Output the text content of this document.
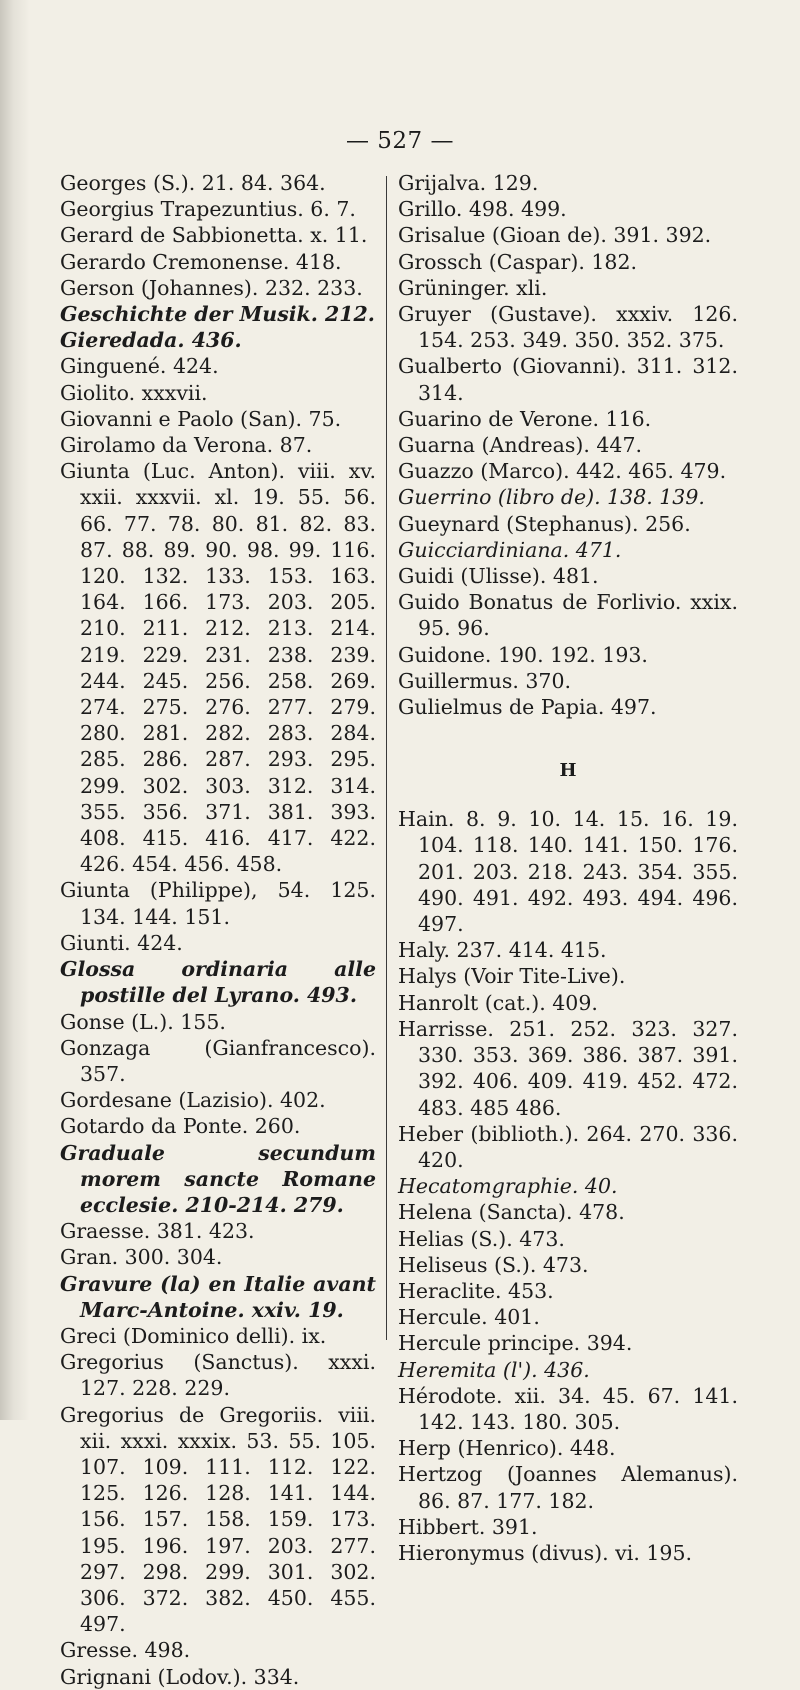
— 527 —

Georges (S.). 21. 84. 364.

Georgius Trapezuntius. 6. 7.

Gerard de Sabbionetta. x. 11.

Gerardo Cremonense. 418.

Gerson (Johannes). 232. 233.

Geschichte der Musik. 212.

Gieredada. 436.

Ginguené. 424.

Giolito. xxxvii.

Giovanni e Paolo (San). 75.

Girolamo da Verona. 87.

Giunta (Luc. Anton). viii. xv. xxii. xxxvii. xl. 19. 55. 56. 66. 77. 78. 80. 81. 82. 83. 87. 88. 89. 90. 98. 99. 116. 120. 132. 133. 153. 163. 164. 166. 173. 203. 205. 210. 211. 212. 213. 214. 219. 229. 231. 238. 239. 244. 245. 256. 258. 269. 274. 275. 276. 277. 279. 280. 281. 282. 283. 284. 285. 286. 287. 293. 295. 299. 302. 303. 312. 314. 355. 356. 371. 381. 393. 408. 415. 416. 417. 422. 426. 454. 456. 458.

Giunta (Philippe), 54. 125. 134. 144. 151.

Giunti. 424.

Glossa ordinaria alle postille del Lyrano. 493.

Gonse (L.). 155.

Gonzaga (Gianfrancesco). 357.

Gordesane (Lazisio). 402.

Gotardo da Ponte. 260.

Graduale secundum morem sancte Romane ecclesie. 210-214. 279.

Graesse. 381. 423.

Gran. 300. 304.

Gravure (la) en Italie avant Marc-Antoine. xxiv. 19.

Greci (Dominico delli). ix.

Gregorius (Sanctus). xxxi. 127. 228. 229.

Gregorius de Gregoriis. viii. xii. xxxi. xxxix. 53. 55. 105. 107. 109. 111. 112. 122. 125. 126. 128. 141. 144. 156. 157. 158. 159. 173. 195. 196. 197. 203. 277. 297. 298. 299. 301. 302. 306. 372. 382. 450. 455. 497.

Gresse. 498.

Grignani (Lodov.). 334.

Grijalva. 129.

Grillo. 498. 499.

Grisalue (Gioan de). 391. 392.

Grossch (Caspar). 182.

Grüninger. xli.

Gruyer (Gustave). xxxiv. 126. 154. 253. 349. 350. 352. 375.

Gualberto (Giovanni). 311. 312. 314.

Guarino de Verone. 116.

Guarna (Andreas). 447.

Guazzo (Marco). 442. 465. 479.

Guerrino (libro de). 138. 139.

Gueynard (Stephanus). 256.

Guicciardiniana. 471.

Guidi (Ulisse). 481.

Guido Bonatus de Forlivio. xxix. 95. 96.

Guidone. 190. 192. 193.

Guillermus. 370.

Gulielmus de Papia. 497.

H

Hain. 8. 9. 10. 14. 15. 16. 19. 104. 118. 140. 141. 150. 176. 201. 203. 218. 243. 354. 355. 490. 491. 492. 493. 494. 496. 497.

Haly. 237. 414. 415.

Halys (Voir Tite-Live).

Hanrolt (cat.). 409.

Harrisse. 251. 252. 323. 327. 330. 353. 369. 386. 387. 391. 392. 406. 409. 419. 452. 472. 483. 485 486.

Heber (biblioth.). 264. 270. 336. 420.

Hecatomgraphie. 40.

Helena (Sancta). 478.

Helias (S.). 473.

Heliseus (S.). 473.

Heraclite. 453.

Hercule. 401.

Hercule principe. 394.

Heremita (l'). 436.

Hérodote. xii. 34. 45. 67. 141. 142. 143. 180. 305.

Herp (Henrico). 448.

Hertzog (Joannes Alemanus). 86. 87. 177. 182.

Hibbert. 391.

Hieronymus (divus). vi. 195.
